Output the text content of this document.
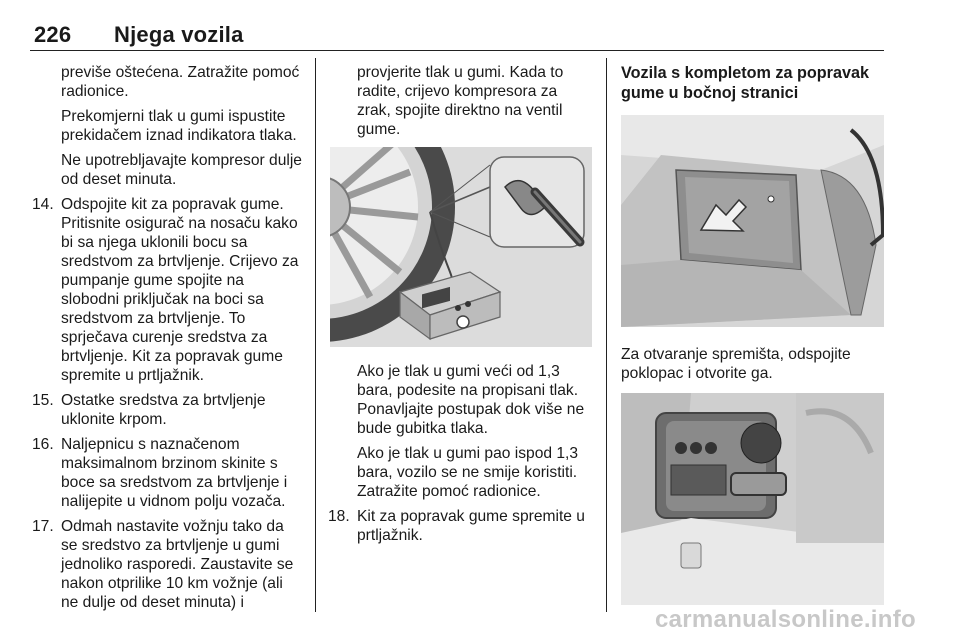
226 Njega vozila

previše oštećena. Zatražite pomoć radionice.

Prekomjerni tlak u gumi ispustite prekidačem iznad indikatora tlaka.

Ne upotrebljavajte kompresor dulje od deset minuta.

14. Odspojite kit za popravak gume. Pritisnite osigurač na nosaču kako bi sa njega uklonili bocu sa sredstvom za brtvljenje. Crijevo za pumpanje gume spojite na slobodni priključak na boci sa sredstvom za brtvljenje. To sprječava curenje sredstva za brtvljenje. Kit za popravak gume spremite u prtljažnik.
15. Ostatke sredstva za brtvljenje uklonite krpom.
16. Naljepnicu s naznačenom maksimalnom brzinom skinite s boce sa sredstvom za brtvljenje i nalijepite u vidnom polju vozača.
17. Odmah nastavite vožnju tako da se sredstvo za brtvljenje u gumi jednoliko rasporedi. Zaustavite se nakon otprilike 10 km vožnje (ali ne dulje od deset minuta) i

provjerite tlak u gumi. Kada to radite, crijevo kompresora za zrak, spojite direktno na ventil gume.

Ako je tlak u gumi veći od 1,3 bara, podesite na propisani tlak. Ponavljajte postupak dok više ne bude gubitka tlaka.

Ako je tlak u gumi pao ispod 1,3 bara, vozilo se ne smije koristiti. Zatražite pomoć radionice.

18. Kit za popravak gume spremite u prtljažnik.
Vozila s kompletom za popravak gume u bočnoj stranici

Za otvaranje spremišta, odspojite poklopac i otvorite ga.

carmanualsonline.info
